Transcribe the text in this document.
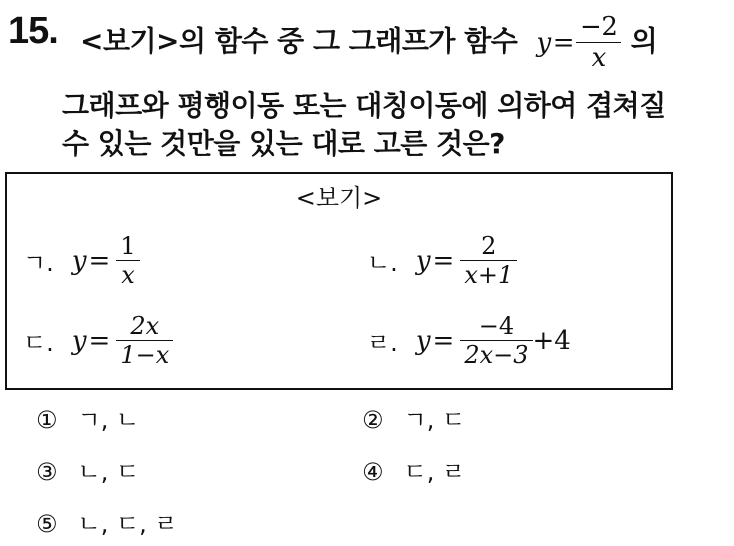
15. <보기>의 함수 중 그 그래프가 함수 $y = \frac{-2}{x}$ 의
그래프와 평행이동 또는 대칭이동에 의하여 겹쳐질
수 있는 것만을 있는 대로 고른 것은?
<보기>
ㄱ. $y = \frac{1}{x}$	ㄴ. $y = \frac{2}{x+1}$
ㄷ. $y = \frac{2x}{1-x}$	ㄹ. $y = \frac{-4}{2x-3} +4$
① ㄱ, ㄴ	② ㄱ, ㄷ
③ ㄴ, ㄷ	④ ㄷ, ㄹ
⑤ ㄴ, ㄷ, ㄹ
